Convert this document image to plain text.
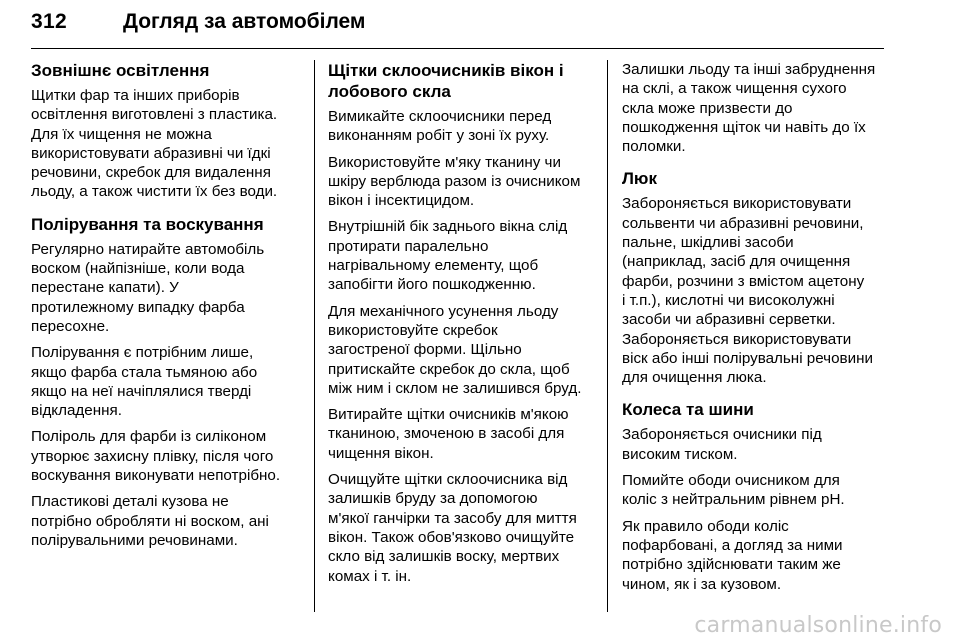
312	Догляд за автомобілем
Зовнішнє освітлення
Щитки фар та інших приборів
освітлення виготовлені з пластика.
Для їх чищення не можна
використовувати абразивні чи їдкі
речовини, скребок для видалення
льоду, а також чистити їх без води.
Полірування та воскування
Регулярно натирайте автомобіль
воском (найпізніше, коли вода
перестане капати). У
протилежному випадку фарба
пересохне.
Полірування є потрібним лише,
якщо фарба стала тьмяною або
якщо на неї начіплялися тверді
відкладення.
Поліроль для фарби із силіконом
утворює захисну плівку, після чого
воскування виконувати непотрібно.
Пластикові деталі кузова не
потрібно обробляти ні воском, ані
полірувальними речовинами.
Щітки склоочисників вікон і
лобового скла
Вимикайте склоочисники перед
виконанням робіт у зоні їх руху.
Використовуйте м'яку тканину чи
шкіру верблюда разом із очисником
вікон і інсектицидом.
Внутрішній бік заднього вікна слід
протирати паралельно
нагрівальному елементу, щоб
запобігти його пошкодженню.
Для механічного усунення льоду
використовуйте скребок
загостреної форми. Щільно
притискайте скребок до скла, щоб
між ним і склом не залишився бруд.
Витирайте щітки очисників м'якою
тканиною, змоченою в засобі для
чищення вікон.
Очищуйте щітки склоочисника від
залишків бруду за допомогою
м'якої ганчірки та засобу для миття
вікон. Також обов'язково очищуйте
скло від залишків воску, мертвих
комах і т. ін.
Залишки льоду та інші забруднення
на склі, а також чищення сухого
скла може призвести до
пошкодження щіток чи навіть до їх
поломки.
Люк
Забороняється використовувати
сольвенти чи абразивні речовини,
пальне, шкідливі засоби
(наприклад, засіб для очищення
фарби, розчини з вмістом ацетону
і т.п.), кислотні чи високолужні
засоби чи абразивні серветки.
Забороняється використовувати
віск або інші полірувальні речовини
для очищення люка.
Колеса та шини
Забороняється очисники під
високим тиском.
Помийте ободи очисником для
коліс з нейтральним рівнем pH.
Як правило ободи коліс
пофарбовані, а догляд за ними
потрібно здійснювати таким же
чином, як і за кузовом.
carmanualsonline.info
